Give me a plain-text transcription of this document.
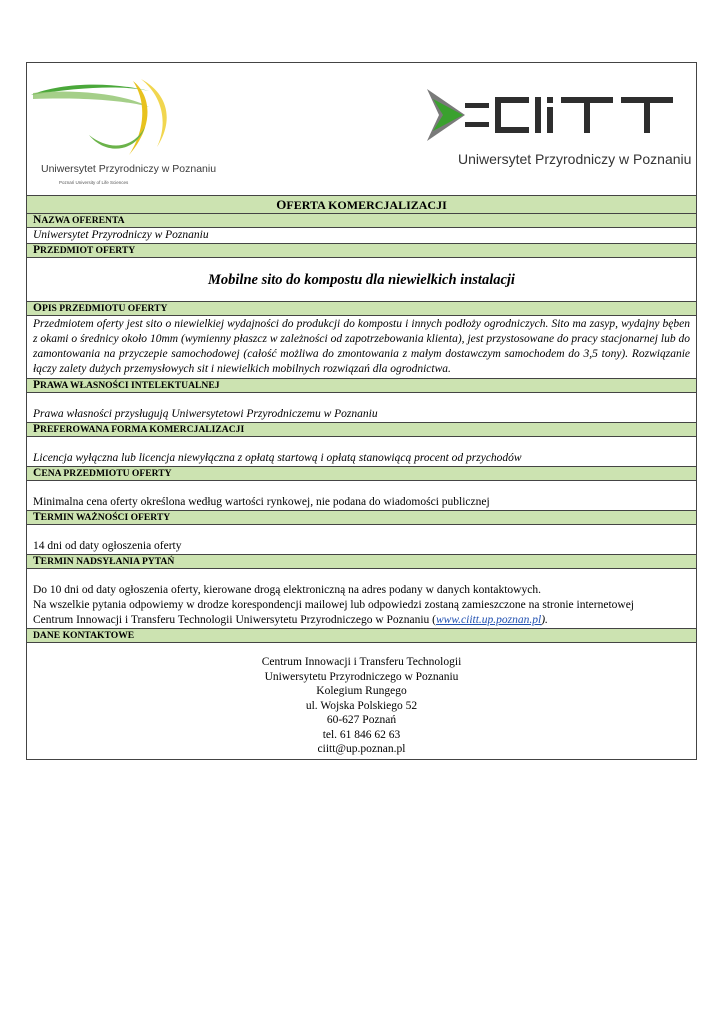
Uniwersytet Przyrodniczy w Poznaniu
Poznań University of Life Sciences
Uniwersytet Przyrodniczy w Poznaniu
OFERTA KOMERCJALIZACJI
NAZWA OFERENTA
Uniwersytet Przyrodniczy w Poznaniu
PRZEDMIOT OFERTY
Mobilne sito do kompostu dla niewielkich instalacji
OPIS PRZEDMIOTU OFERTY
Przedmiotem oferty jest sito o niewielkiej wydajności do produkcji do kompostu i innych podłoży ogrodniczych. Sito ma zasyp, wydajny bęben z okami o średnicy około 10mm (wymienny płaszcz w zależności od zapotrzebowania klienta), jest przystosowane do pracy stacjonarnej lub do zamontowania na przyczepie samochodowej (całość możliwa do zmontowania z małym dostawczym samochodem do 3,5 tony). Rozwiązanie łączy zalety dużych przemysłowych sit i niewielkich mobilnych rozwiązań dla ogrodnictwa.
PRAWA WŁASNOŚCI INTELEKTUALNEJ
Prawa własności przysługują Uniwersytetowi Przyrodniczemu w Poznaniu
PREFEROWANA FORMA KOMERCJALIZACJI
Licencja wyłączna lub licencja niewyłączna z opłatą startową i opłatą stanowiącą procent od przychodów
CENA PRZEDMIOTU OFERTY
Minimalna cena oferty określona według wartości rynkowej, nie podana do wiadomości publicznej
TERMIN WAŻNOŚCI OFERTY
14 dni od daty ogłoszenia oferty
TERMIN NADSYŁANIA PYTAŃ
Do 10 dni od daty ogłoszenia oferty, kierowane drogą elektroniczną na adres podany w danych kontaktowych.
Na wszelkie pytania odpowiemy w drodze korespondencji mailowej lub odpowiedzi zostaną zamieszczone na stronie internetowej
Centrum Innowacji i Transferu Technologii Uniwersytetu Przyrodniczego w Poznaniu (www.ciitt.up.poznan.pl).
DANE KONTAKTOWE
Centrum Innowacji i Transferu Technologii
Uniwersytetu Przyrodniczego w Poznaniu
Kolegium Rungego
ul. Wojska Polskiego 52
60-627 Poznań
tel. 61 846 62 63
ciitt@up.poznan.pl
